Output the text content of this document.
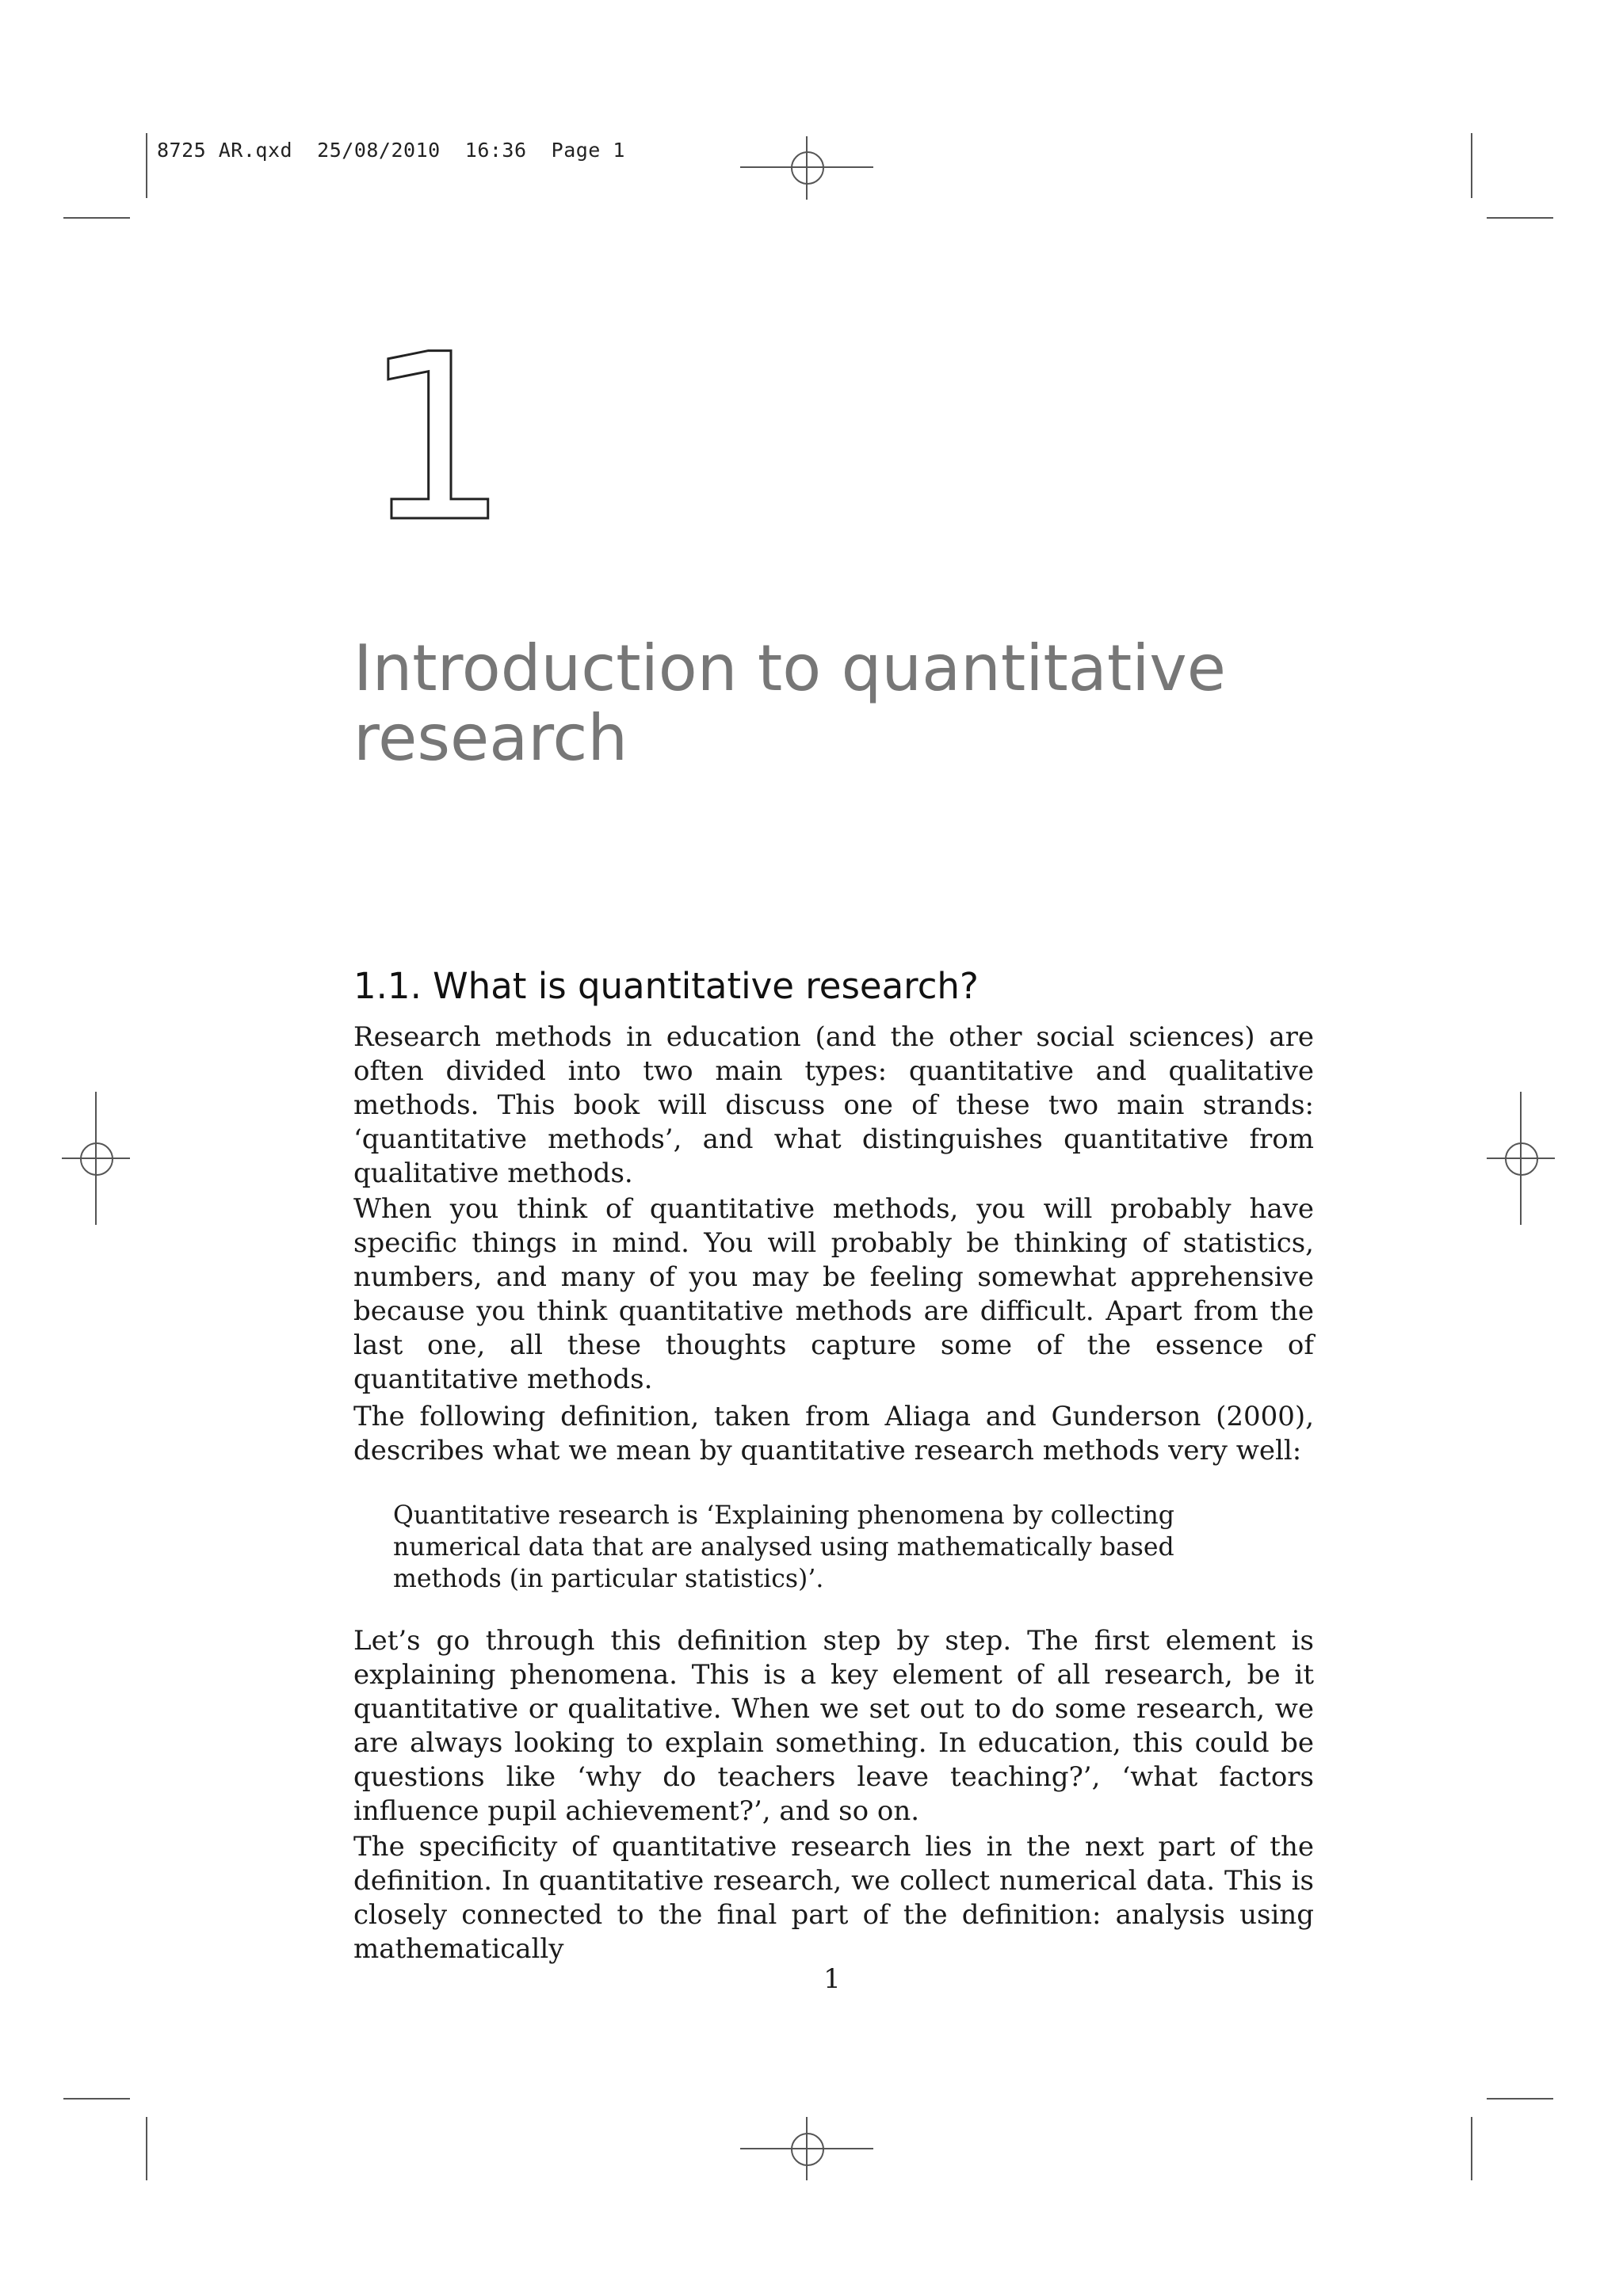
8725 AR.qxd  25/08/2010  16:36  Page 1
1
Introduction to quantitative research
1.1. What is quantitative research?

Research methods in education (and the other social sciences) are often divided into two main types: quantitative and qualitative methods. This book will discuss one of these two main strands: ‘quantitative methods’, and what distinguishes quantitative from qualitative methods.

When you think of quantitative methods, you will probably have specific things in mind. You will probably be thinking of statistics, numbers, and many of you may be feeling somewhat apprehensive because you think quantitative methods are difficult. Apart from the last one, all these thoughts capture some of the essence of quantitative methods.

The following definition, taken from Aliaga and Gunderson (2000), describes what we mean by quantitative research methods very well:

Quantitative research is ‘Explaining phenomena by collecting numerical data that are analysed using mathematically based methods (in particular statistics)’.

Let’s go through this definition step by step. The first element is explaining phenomena. This is a key element of all research, be it quantitative or qualitative. When we set out to do some research, we are always looking to explain something. In education, this could be questions like ‘why do teachers leave teaching?’, ‘what factors influence pupil achievement?’, and so on.

The specificity of quantitative research lies in the next part of the definition. In quantitative research, we collect numerical data. This is closely connected to the final part of the definition: analysis using mathematically

1
